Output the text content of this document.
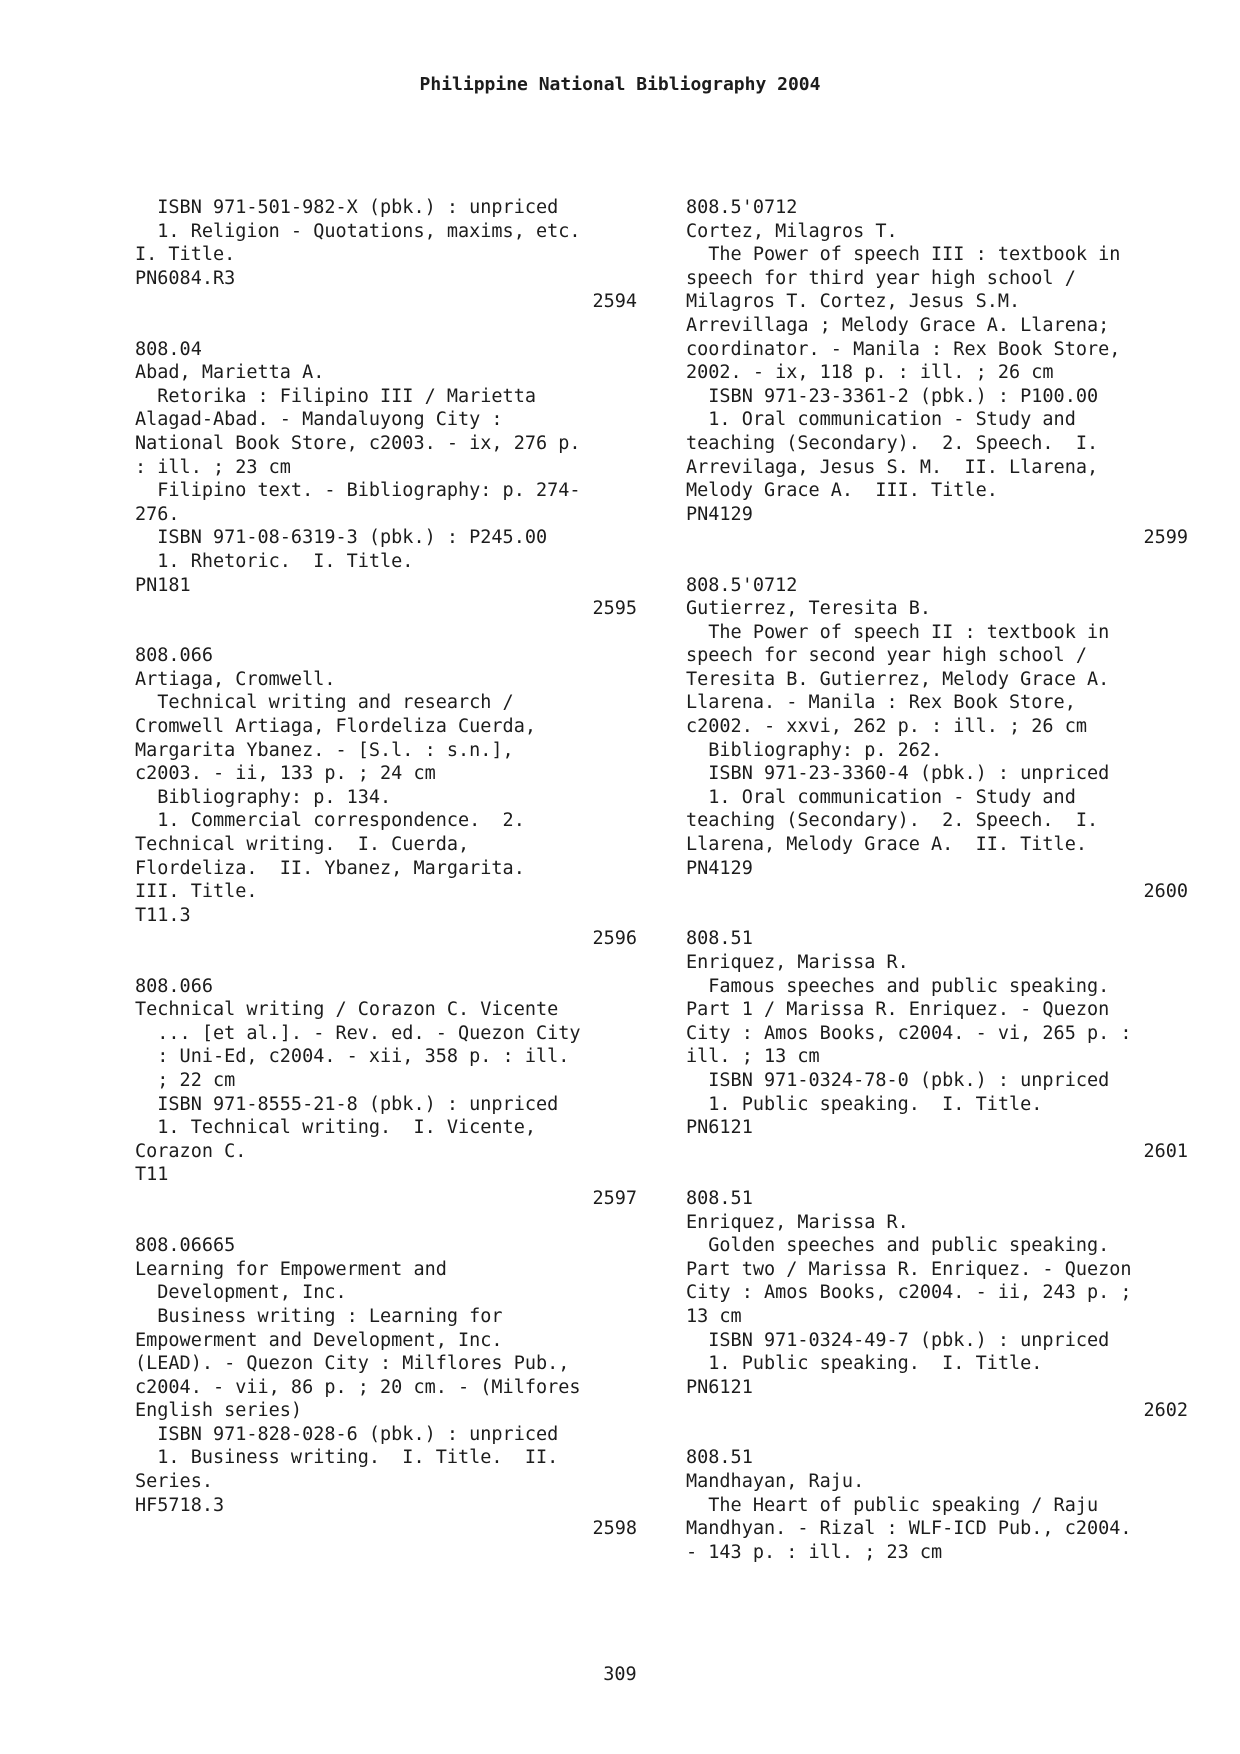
Philippine National Bibliography 2004
ISBN 971-501-982-X (pbk.) : unpriced
1. Religion - Quotations, maxims, etc.
I. Title.
PN6084.R3
2594
808.04
Abad, Marietta A.
Retorika : Filipino III / Marietta
Alagad-Abad. - Mandaluyong City :
National Book Store, c2003. - ix, 276 p.
: ill. ; 23 cm
Filipino text. - Bibliography: p. 274-
276.
ISBN 971-08-6319-3 (pbk.) : P245.00
1. Rhetoric.  I. Title.
PN181
2595
808.066
Artiaga, Cromwell.
Technical writing and research /
Cromwell Artiaga, Flordeliza Cuerda,
Margarita Ybanez. - [S.l. : s.n.],
c2003. - ii, 133 p. ; 24 cm
Bibliography: p. 134.
1. Commercial correspondence.  2.
Technical writing.  I. Cuerda,
Flordeliza.  II. Ybanez, Margarita.
III. Title.
T11.3
2596
808.066
Technical writing / Corazon C. Vicente
... [et al.]. - Rev. ed. - Quezon City
: Uni-Ed, c2004. - xii, 358 p. : ill.
; 22 cm
ISBN 971-8555-21-8 (pbk.) : unpriced
1. Technical writing.  I. Vicente,
Corazon C.
T11
2597
808.06665
Learning for Empowerment and
Development, Inc.
Business writing : Learning for
Empowerment and Development, Inc.
(LEAD). - Quezon City : Milflores Pub.,
c2004. - vii, 86 p. ; 20 cm. - (Milfores
English series)
ISBN 971-828-028-6 (pbk.) : unpriced
1. Business writing.  I. Title.  II.
Series.
HF5718.3
2598
808.5'0712
Cortez, Milagros T.
The Power of speech III : textbook in
speech for third year high school /
Milagros T. Cortez, Jesus S.M.
Arrevillaga ; Melody Grace A. Llarena;
coordinator. - Manila : Rex Book Store,
2002. - ix, 118 p. : ill. ; 26 cm
ISBN 971-23-3361-2 (pbk.) : P100.00
1. Oral communication - Study and
teaching (Secondary).  2. Speech.  I.
Arrevilaga, Jesus S. M.  II. Llarena,
Melody Grace A.  III. Title.
PN4129
2599
808.5'0712
Gutierrez, Teresita B.
The Power of speech II : textbook in
speech for second year high school /
Teresita B. Gutierrez, Melody Grace A.
Llarena. - Manila : Rex Book Store,
c2002. - xxvi, 262 p. : ill. ; 26 cm
Bibliography: p. 262.
ISBN 971-23-3360-4 (pbk.) : unpriced
1. Oral communication - Study and
teaching (Secondary).  2. Speech.  I.
Llarena, Melody Grace A.  II. Title.
PN4129
2600
808.51
Enriquez, Marissa R.
Famous speeches and public speaking.
Part 1 / Marissa R. Enriquez. - Quezon
City : Amos Books, c2004. - vi, 265 p. :
ill. ; 13 cm
ISBN 971-0324-78-0 (pbk.) : unpriced
1. Public speaking.  I. Title.
PN6121
2601
808.51
Enriquez, Marissa R.
Golden speeches and public speaking.
Part two / Marissa R. Enriquez. - Quezon
City : Amos Books, c2004. - ii, 243 p. ;
13 cm
ISBN 971-0324-49-7 (pbk.) : unpriced
1. Public speaking.  I. Title.
PN6121
2602
808.51
Mandhayan, Raju.
The Heart of public speaking / Raju
Mandhyan. - Rizal : WLF-ICD Pub., c2004.
- 143 p. : ill. ; 23 cm
309
